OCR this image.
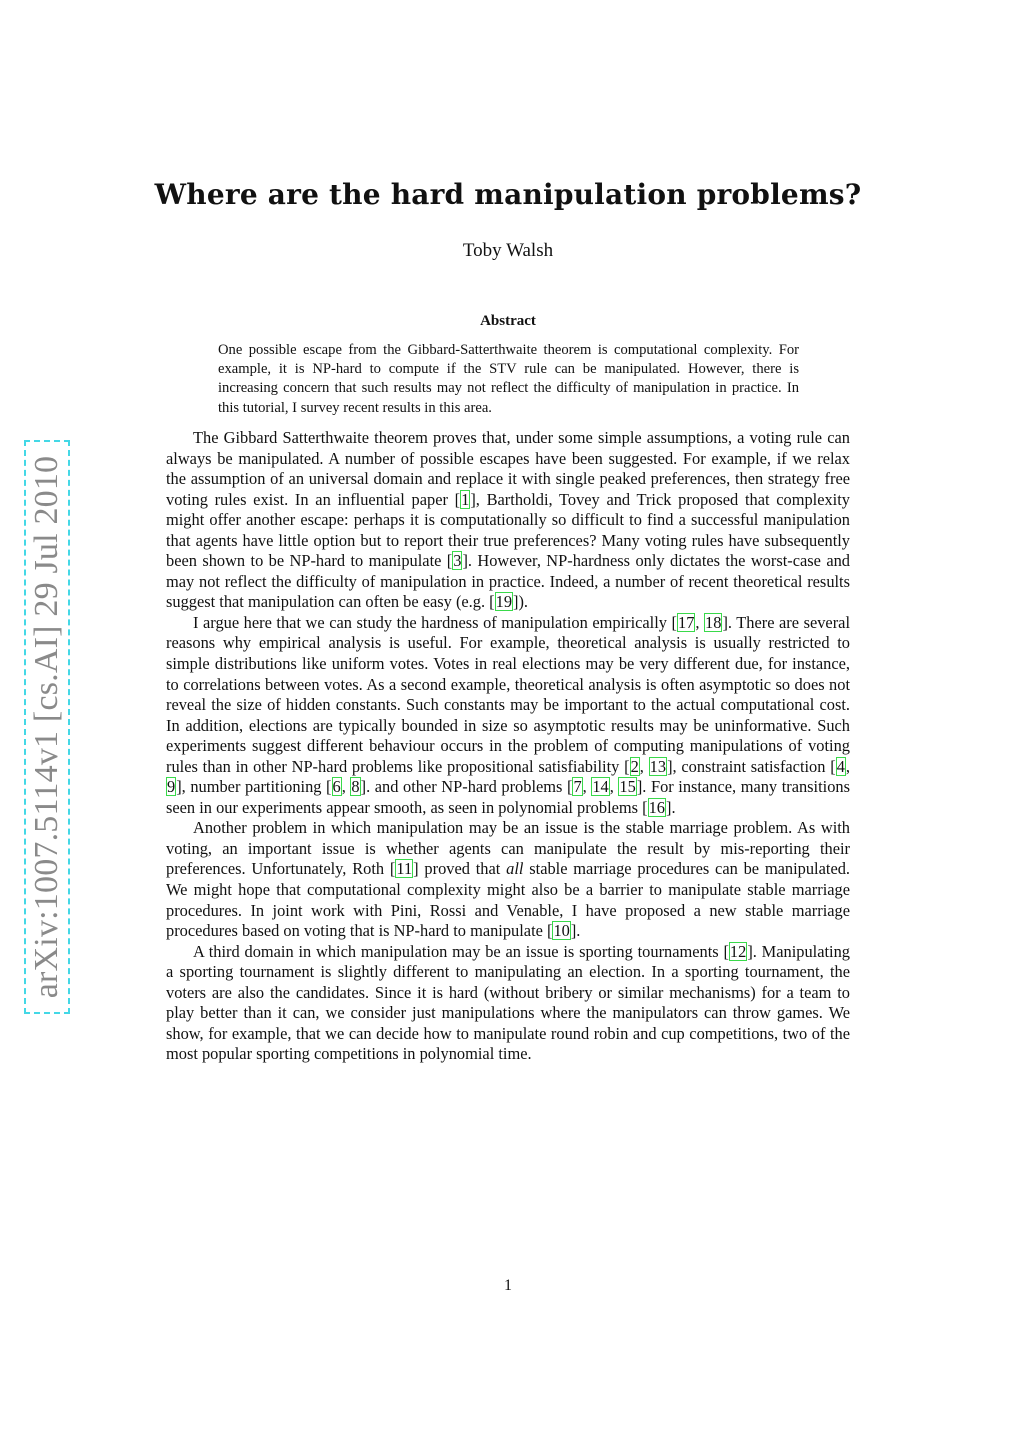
arXiv:1007.5114v1 [cs.AI] 29 Jul 2010
Where are the hard manipulation problems?
Toby Walsh
Abstract
One possible escape from the Gibbard-Satterthwaite theorem is computational complexity. For example, it is NP-hard to compute if the STV rule can be manipulated. However, there is increasing concern that such results may not reflect the difficulty of manipulation in practice. In this tutorial, I survey recent results in this area.

The Gibbard Satterthwaite theorem proves that, under some simple assumptions, a voting rule can always be manipulated. A number of possible escapes have been suggested. For example, if we relax the assumption of an universal domain and replace it with single peaked preferences, then strategy free voting rules exist. In an influential paper [1], Bartholdi, Tovey and Trick proposed that complexity might offer another escape: perhaps it is computationally so difficult to find a successful manipulation that agents have little option but to report their true preferences? Many voting rules have subsequently been shown to be NP-hard to manipulate [3]. However, NP-hardness only dictates the worst-case and may not reflect the difficulty of manipulation in practice. Indeed, a number of recent theoretical results suggest that manipulation can often be easy (e.g. [19]).

I argue here that we can study the hardness of manipulation empirically [17, 18]. There are several reasons why empirical analysis is useful. For example, theoretical analysis is usually restricted to simple distributions like uniform votes. Votes in real elections may be very different due, for instance, to correlations between votes. As a second example, theoretical analysis is often asymptotic so does not reveal the size of hidden constants. Such constants may be important to the actual computational cost. In addition, elections are typically bounded in size so asymptotic results may be uninformative. Such experiments suggest different behaviour occurs in the problem of computing manipulations of voting rules than in other NP-hard problems like propositional satisfiability [2, 13], constraint satisfaction [4, 9], number partitioning [6, 8]. and other NP-hard problems [7, 14, 15]. For instance, many transitions seen in our experiments appear smooth, as seen in polynomial problems [16].

Another problem in which manipulation may be an issue is the stable marriage problem. As with voting, an important issue is whether agents can manipulate the result by mis-reporting their preferences. Unfortunately, Roth [11] proved that all stable marriage procedures can be manipulated. We might hope that computational complexity might also be a barrier to manipulate stable marriage procedures. In joint work with Pini, Rossi and Venable, I have proposed a new stable marriage procedures based on voting that is NP-hard to manipulate [10].

A third domain in which manipulation may be an issue is sporting tournaments [12]. Manipulating a sporting tournament is slightly different to manipulating an election. In a sporting tournament, the voters are also the candidates. Since it is hard (without bribery or similar mechanisms) for a team to play better than it can, we consider just manipulations where the manipulators can throw games. We show, for example, that we can decide how to manipulate round robin and cup competitions, two of the most popular sporting competitions in polynomial time.

1
